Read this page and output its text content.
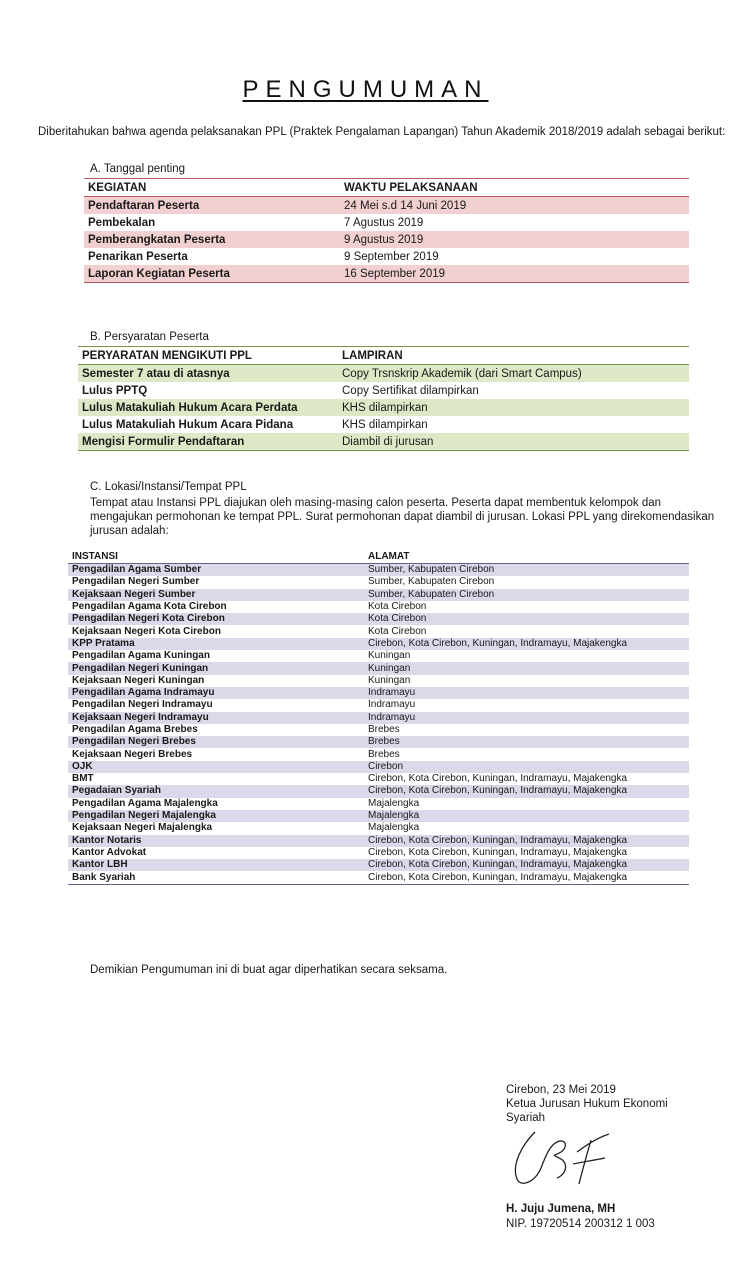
PENGUMUMAN
Diberitahukan bahwa agenda pelaksanakan PPL (Praktek Pengalaman Lapangan) Tahun Akademik 2018/2019 adalah sebagai berikut:
A. Tanggal penting
KEGIATAN	WAKTU PELAKSANAAN
Pendaftaran Peserta	24 Mei s.d 14 Juni 2019
Pembekalan	7 Agustus 2019
Pemberangkatan Peserta	9 Agustus 2019
Penarikan Peserta	9 September 2019
Laporan Kegiatan Peserta	16 September 2019
B. Persyaratan Peserta
PERYARATAN MENGIKUTI PPL	LAMPIRAN
Semester 7 atau di atasnya	Copy Trsnskrip Akademik (dari Smart Campus)
Lulus PPTQ	Copy Sertifikat dilampirkan
Lulus Matakuliah Hukum Acara Perdata	KHS dilampirkan
Lulus Matakuliah Hukum Acara Pidana	KHS dilampirkan
Mengisi Formulir Pendaftaran	Diambil di jurusan
C. Lokasi/Instansi/Tempat PPL
Tempat atau Instansi PPL diajukan oleh masing-masing calon peserta. Peserta dapat membentuk kelompok dan mengajukan permohonan ke tempat PPL. Surat permohonan dapat diambil di jurusan. Lokasi PPL yang direkomendasikan jurusan adalah:
INSTANSI	ALAMAT
Pengadilan Agama Sumber	Sumber, Kabupaten Cirebon
Pengadilan Negeri Sumber	Sumber, Kabupaten Cirebon
Kejaksaan Negeri Sumber	Sumber, Kabupaten Cirebon
Pengadilan Agama Kota Cirebon	Kota Cirebon
Pengadilan Negeri Kota Cirebon	Kota Cirebon
Kejaksaan Negeri Kota Cirebon	Kota Cirebon
KPP Pratama	Cirebon, Kota Cirebon, Kuningan, Indramayu, Majakengka
Pengadilan Agama Kuningan	Kuningan
Pengadilan Negeri Kuningan	Kuningan
Kejaksaan Negeri Kuningan	Kuningan
Pengadilan Agama Indramayu	Indramayu
Pengadilan Negeri Indramayu	Indramayu
Kejaksaan Negeri Indramayu	Indramayu
Pengadilan Agama Brebes	Brebes
Pengadilan Negeri Brebes	Brebes
Kejaksaan Negeri Brebes	Brebes
OJK	Cirebon
BMT	Cirebon, Kota Cirebon, Kuningan, Indramayu, Majakengka
Pegadaian Syariah	Cirebon, Kota Cirebon, Kuningan, Indramayu, Majakengka
Pengadilan Agama Majalengka	Majalengka
Pengadilan Negeri Majalengka	Majalengka
Kejaksaan Negeri Majalengka	Majalengka
Kantor Notaris	Cirebon, Kota Cirebon, Kuningan, Indramayu, Majakengka
Kantor Advokat	Cirebon, Kota Cirebon, Kuningan, Indramayu, Majakengka
Kantor LBH	Cirebon, Kota Cirebon, Kuningan, Indramayu, Majakengka
Bank Syariah	Cirebon, Kota Cirebon, Kuningan, Indramayu, Majakengka
Demikian Pengumuman ini di buat agar diperhatikan secara seksama.
Cirebon, 23 Mei 2019
Ketua Jurusan Hukum Ekonomi
Syariah
H. Juju Jumena, MH
NIP. 19720514 200312 1 003
